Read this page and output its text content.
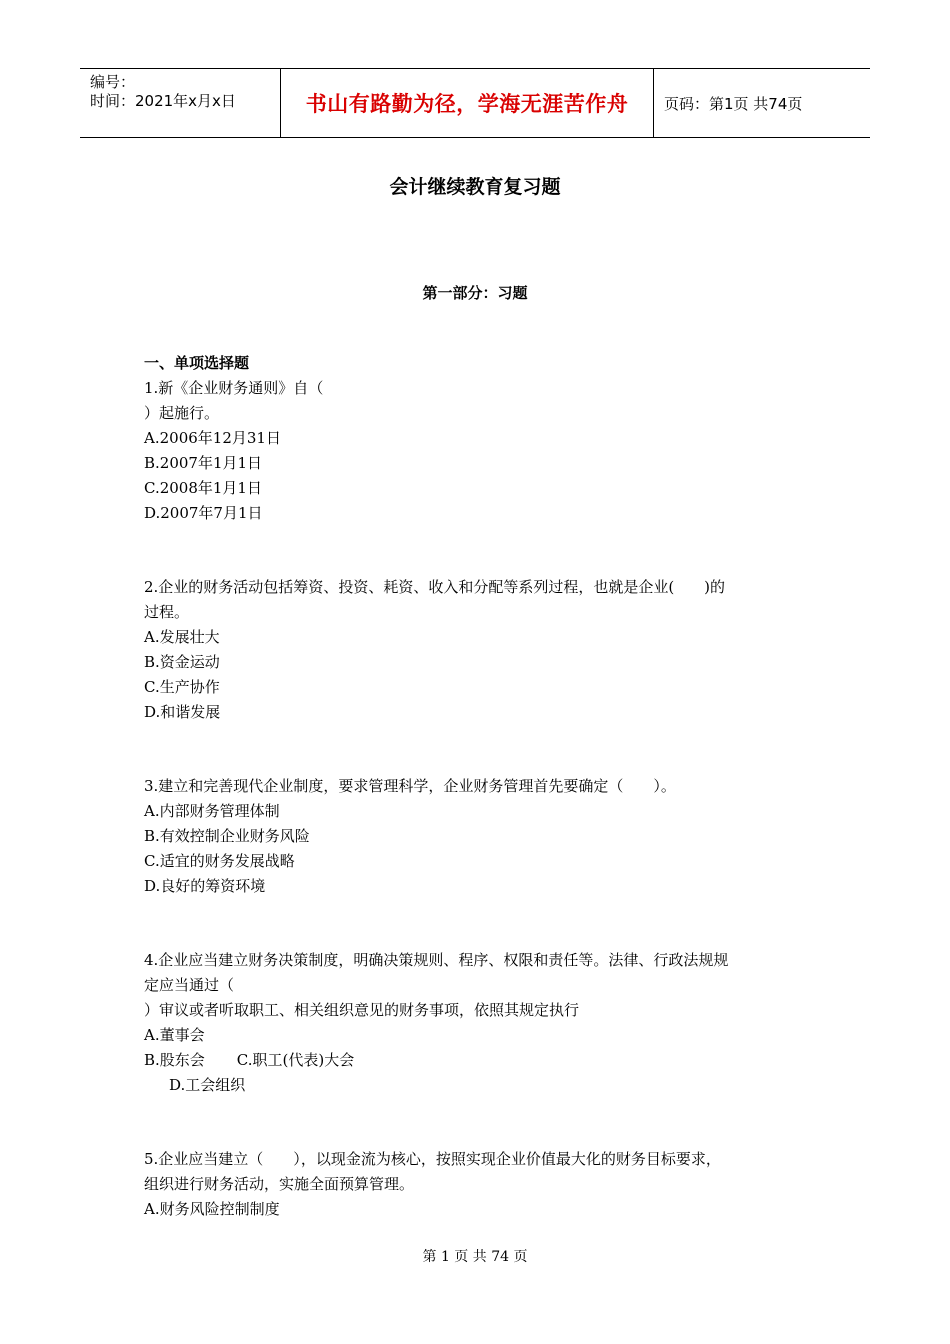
编号：
时间：2021年x月x日	书山有路勤为径，学海无涯苦作舟	页码：第1页 共74页
会计继续教育复习题
第一部分：习题
一、单项选择题
1.新《企业财务通则》自（
）起施行。
A.2006年12月31日
B.2007年1月1日
C.2008年1月1日
D.2007年7月1日
2.企业的财务活动包括筹资、投资、耗资、收入和分配等系列过程，也就是企业(　　)的
过程。
A.发展壮大
B.资金运动
C.生产协作
D.和谐发展
3.建立和完善现代企业制度，要求管理科学，企业财务管理首先要确定（　　）。
A.内部财务管理体制
B.有效控制企业财务风险
C.适宜的财务发展战略
D.良好的筹资环境
4.企业应当建立财务决策制度，明确决策规则、程序、权限和责任等。法律、行政法规规
定应当通过（
）审议或者听取职工、相关组织意见的财务事项，依照其规定执行
A.董事会
B.股东会 C.职工(代表)大会
D.工会组织
5.企业应当建立（　　），以现金流为核心，按照实现企业价值最大化的财务目标要求，
组织进行财务活动，实施全面预算管理。
A.财务风险控制制度
第 1 页 共 74 页
